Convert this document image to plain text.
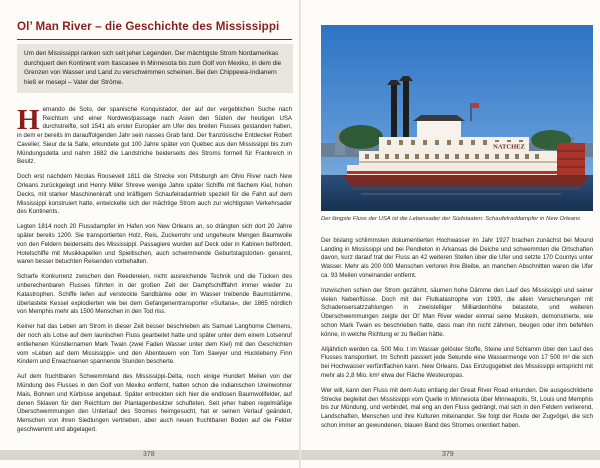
Ol’ Man River – die Geschichte des Mississippi
Um den Mississippi ranken sich seit jeher Legenden. Der mächtigste Strom Nordamerikas durchquert den Kontinent vom Itascasee in Minnesota bis zum Golf von Mexiko, in dem die Grenzen von Wasser und Land zu verschwimmen scheinen. Bei den Chippewa-Indianern hieß er mesepi – Vater der Ströme.

Hernando de Soto, der spanische Konquistador, der auf der vergeblichen Suche nach Reichtum und einer Nordwestpassage nach Asien den Süden der heutigen USA durchstreifte, soll 1541 als erster Europäer am Ufer des breiten Flusses gestanden haben, in dem er bereits im darauffolgenden Jahr sein nasses Grab fand. Der französische Entdecker Robert Cavelier, Sieur de la Salle, erkundete gut 100 Jahre später von Québec aus den Mississippi bis zum Mündungsdelta und nahm 1682 die Landstriche beiderseits des Stroms formell für Frankreich in Besitz.

Doch erst nachdem Nicolas Roosevelt 1811 die Strecke von Pittsburgh am Ohio River nach New Orleans zurückgelegt und Henry Miller Shreve wenige Jahre später Schiffe mit flachem Kiel, hohen Decks, mit starker Maschinenkraft und kräftigem Schaufelradantrieb speziell für die Fahrt auf dem Mississippi konstruiert hatte, entwickelte sich der mächtige Strom auch zur wichtigsten Verkehrsader des Kontinents.

Legten 1814 noch 20 Flussdampfer im Hafen von New Orleans an, so drängten sich dort 20 Jahre später bereits 1200. Sie transportierten Holz, Reis, Zuckerrohr und ungeheure Mengen Baumwolle von den Feldern beiderseits des Mississippi. Passagiere wurden auf Deck oder in Kabinen befördert, Hotelschiffe mit Musikkapellen und Spieltischen, auch schwimmende Geburtstagstorten- genannt, waren besser betuchten Reisenden vorbehalten.

Scharfe Konkurrenz zwischen den Reedereien, nicht ausreichende Technik und die Tücken des unberechenbaren Flusses führten in der großen Zeit der Dampfschifffahrt immer wieder zu Katastrophen. Schiffe liefen auf versteckte Sandbänke oder im Wasser treibende Baumstämme, überlastete Kessel explodierten wie bei dem Gefangenentransporter »Sultana«, der 1865 nördlich von Memphis mehr als 1500 Menschen in den Tod riss.

Keiner hat das Leben am Strom in dieser Zeit besser beschrieben als Samuel Langhorne Clemens, der noch als Lotse auf dem launischen Fluss gearbeitet hatte und später unter dem einem Lotsenruf entliehenen Künstlernamen Mark Twain (zwei Faden Wasser unter dem Kiel) mit den Geschichten vom »Leben auf dem Mississippi« und den Abenteuern von Tom Sawyer und Huckleberry Finn Kindern und Erwachsenen spannende Stunden bescherte.

Auf dem fruchtbaren Schwemmland des Mississippi-Delta, noch einige Hundert Meilen von der Mündung des Flusses in den Golf von Mexiko entfernt, hatten schon die indianischen Ureinwohner Mais, Bohnen und Kürbisse angebaut. Später entreckten sich hier die endlosen Baumwollfelder, auf denen Sklaven für den Reichtum der Plantagenbesitzer schufteten. Seit jeher haben regelmäßige Überschwemmungen den Unterlauf des Stromes heimgesucht, hat er seinen Verlauf geändert, Menschen von ihren Siedlungen vertrieben, aber auch neuen fruchtbaren Boden auf die Felder geschwemmt und abgelagert.

378
NATCHEZ

Der längste Fluss der USA ist die Lebensader der Südstaaten: Schaufelraddampfer in New Orleans

Der bislang schlimmsten dokumentierten Hochwasser im Jahr 1927 brachen zunächst bei Mound Landing in Mississippi und bei Pendleton in Arkansas die Deiche und schwemmten die Ortschaften davon, kurz darauf trat der Fluss an 42 weiteren Stellen über die Ufer und setzte 170 Countys unter Wasser. Mehr als 200 000 Menschen verloren ihre Bleibe, an manchen Abschnitten waren die Ufer ca. 93 Meilen voneinander entfernt.

Inzwischen schien der Strom gezähmt, säumen hohe Dämme den Lauf des Mississippi und seiner vielen Nebenflüsse. Doch mit der Flutkatastrophe von 1993, die allein Versicherungen mit Schadensersatzzahlungen in zweistelliger Milliardenhöhe belastete, und weiteren Überschwemmungen zeigte der Ol’ Man River wieder einmal seine Muskeln, demonstrierte, wie schon Mark Twain es beschrieben hatte, dass man ihn nicht zähmen, beugen oder ihm befehlen könne, in welche Richtung er zu fließen hätte.

Alljährlich werden ca. 500 Mio. t im Wasser gelöster Stoffe, Steine und Schlamm über den Lauf des Flusses transportiert. Im Schnitt passiert jede Sekunde eine Wassermenge von 17 500 m³ die sich bei Hochwasser verfünffachen kann. New Orleans. Das Einzugsgebiet des Mississippi entspricht mit mehr als 2,8 Mio. km² etwa der Fläche Westeuropas.

Wer will, kann den Fluss mit dem Auto entlang der Great River Road erkunden. Die ausgeschilderte Strecke begleitet den Mississippi vom Quelle in Minnesota über Minneapolis, St. Louis und Memphis bis zur Mündung, und verbindet, mal eng an den Fluss gedrängt, mal sich in den Feldern verlierend, Landschaften, Menschen und ihre Kulturen miteinander. Sie folgt der Route der Zugvögel, die sich schon immer an gewundenen, blauen Band des Stromes orientiert haben.

379
